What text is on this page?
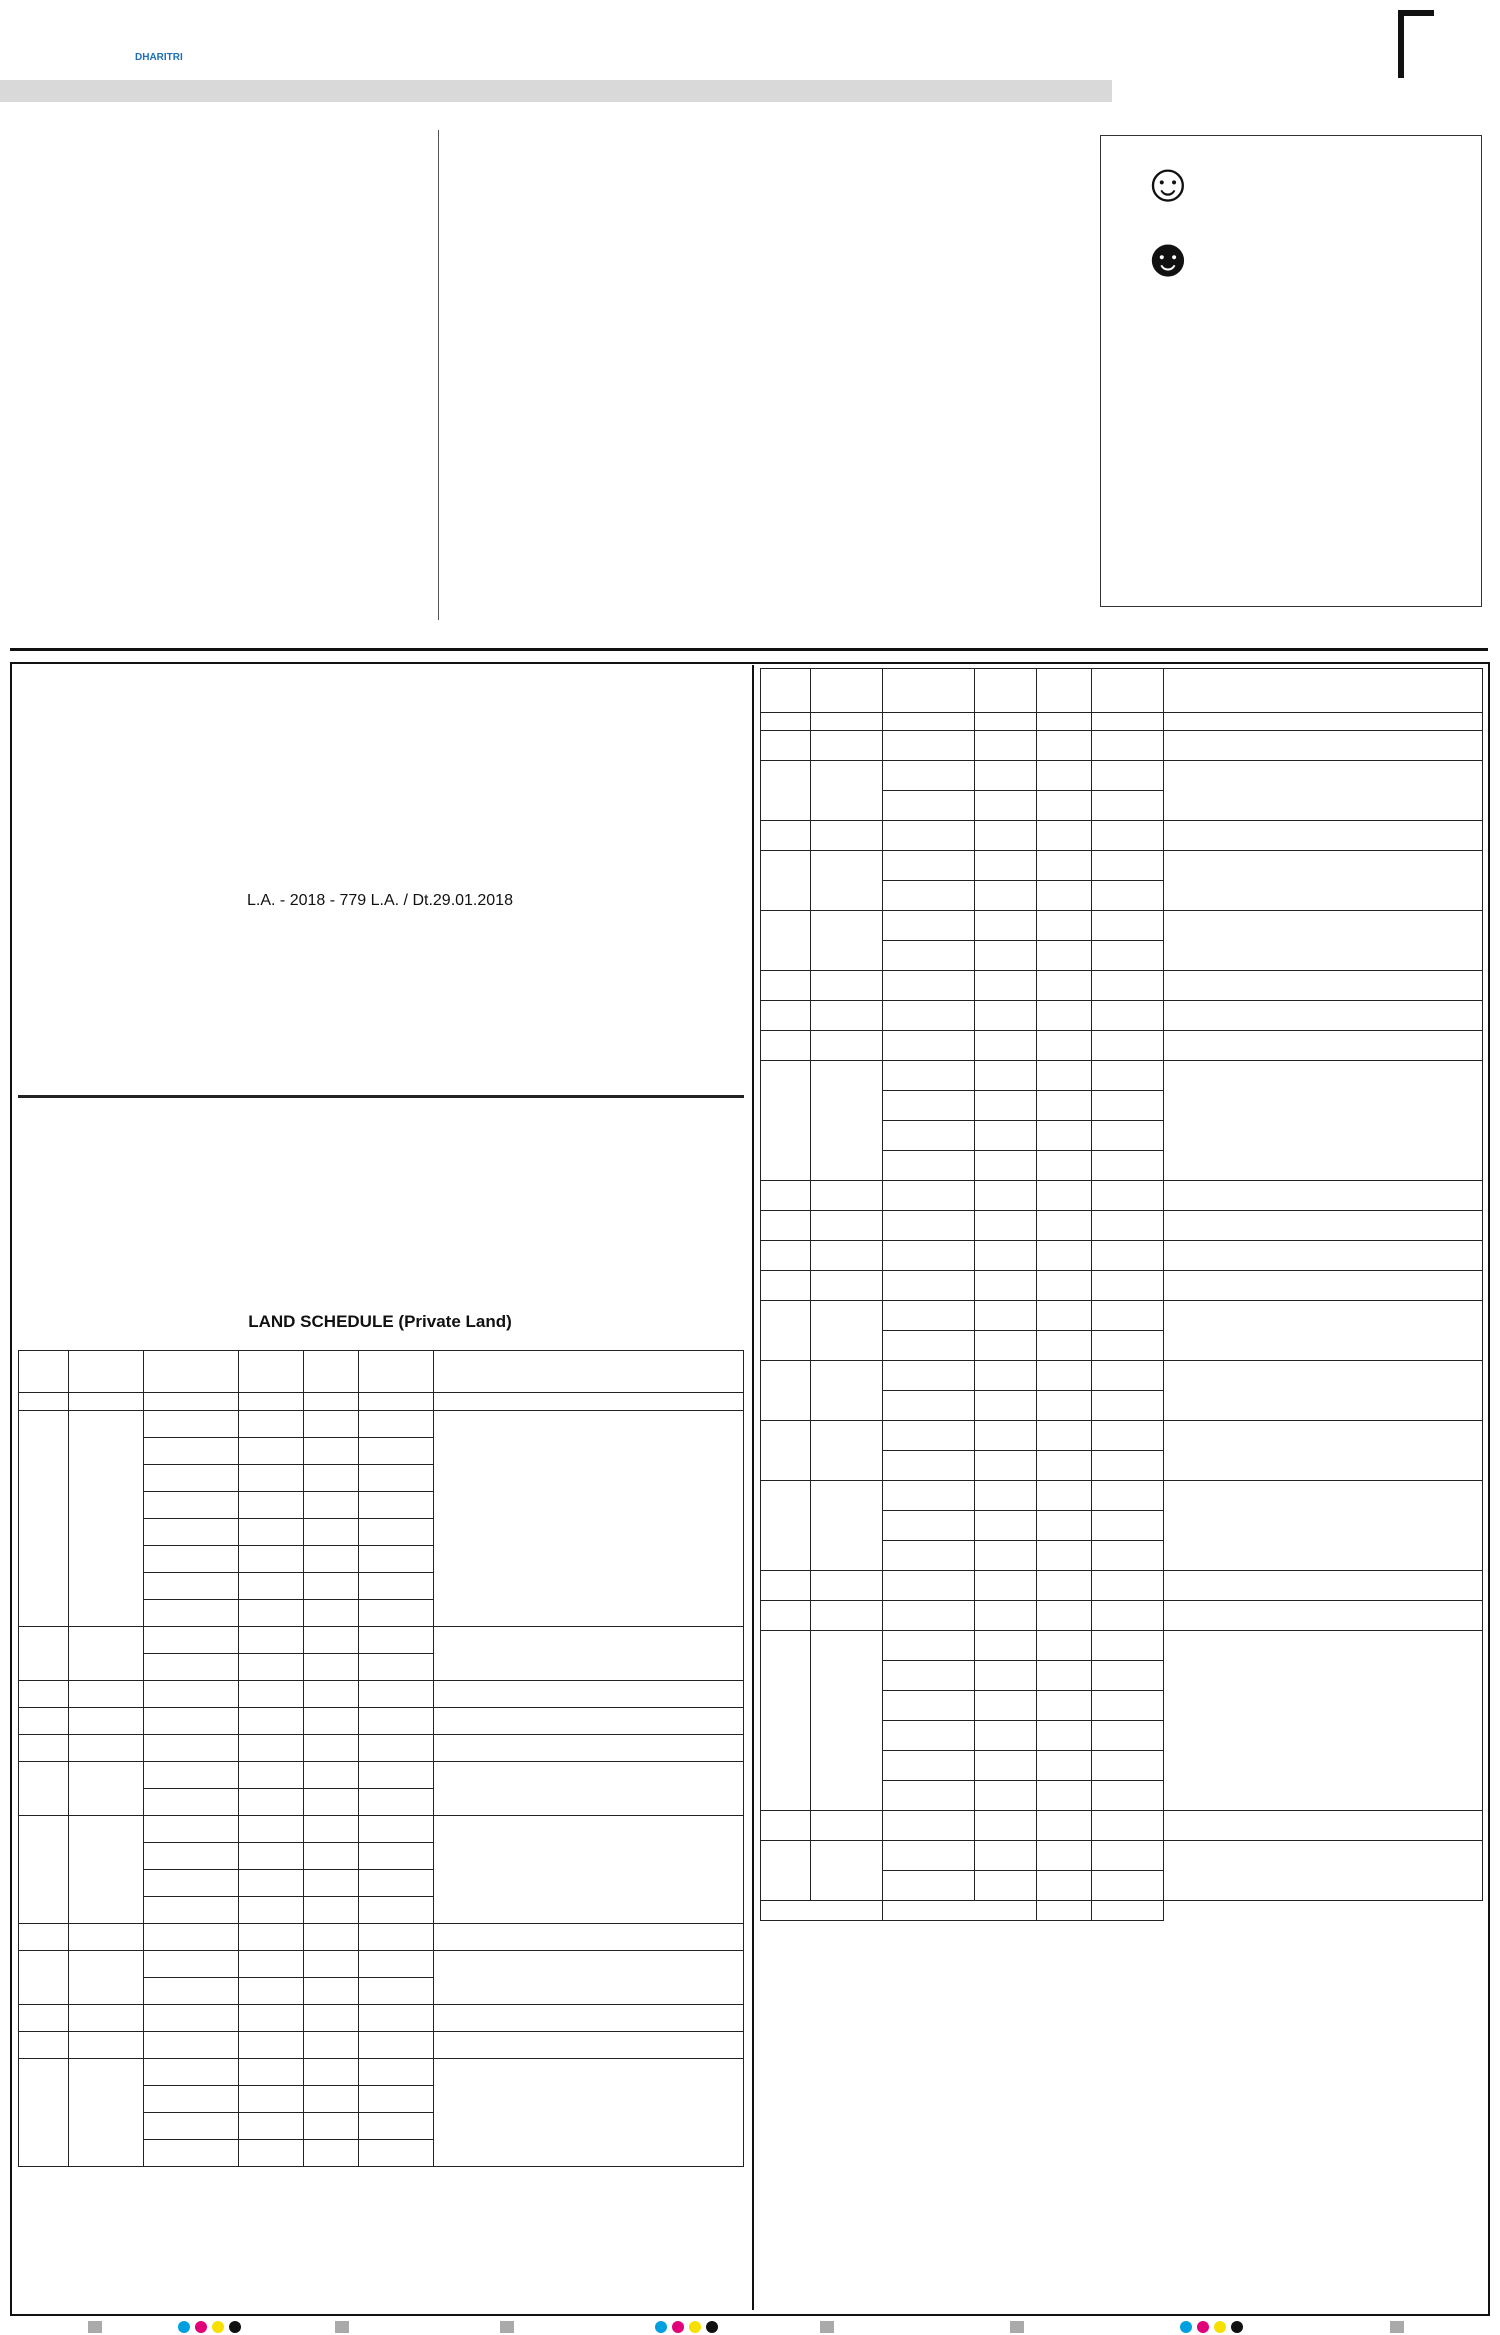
DHARITRI

☺☻
L.A. - 2018 - 779 L.A. / Dt.29.01.2018

LAND SCHEDULE (Private Land)
